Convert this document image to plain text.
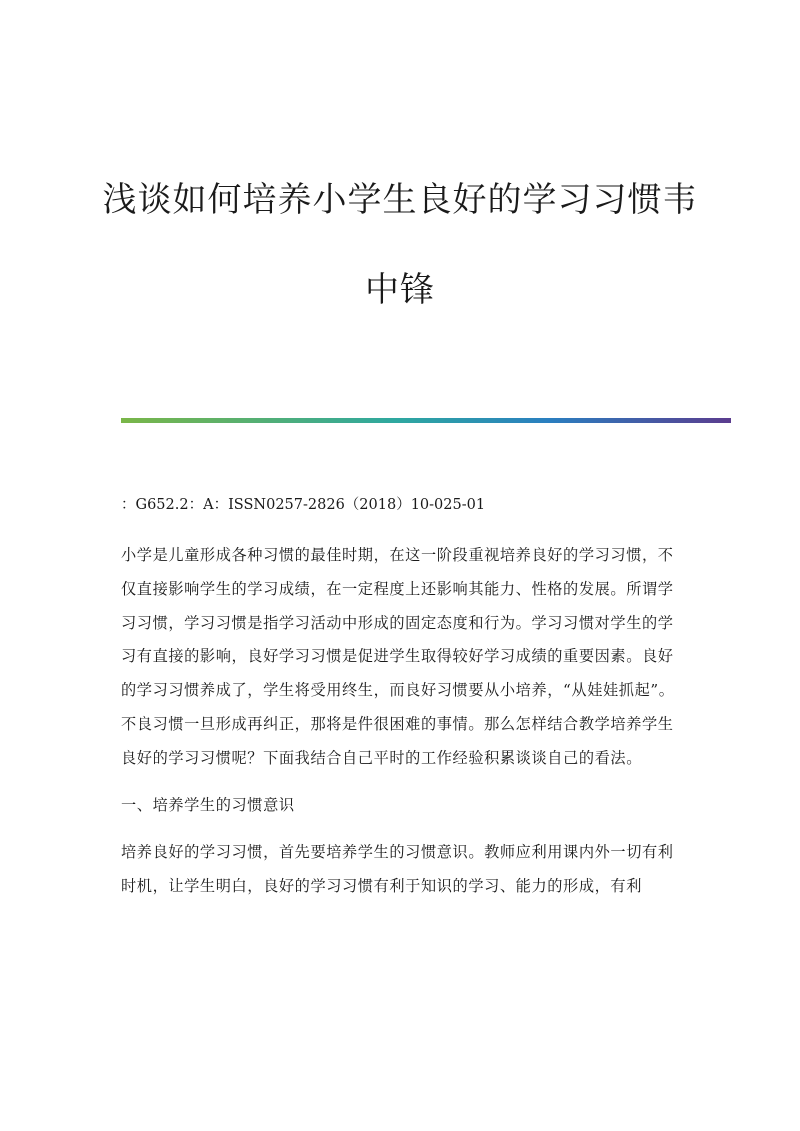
浅谈如何培养小学生良好的学习习惯韦
中锋
：G652.2：A：ISSN0257-2826（2018）10-025-01

小学是儿童形成各种习惯的最佳时期，在这一阶段重视培养良好的学习习惯，不仅直接影响学生的学习成绩，在一定程度上还影响其能力、性格的发展。所谓学习习惯，学习习惯是指学习活动中形成的固定态度和行为。学习习惯对学生的学习有直接的影响，良好学习习惯是促进学生取得较好学习成绩的重要因素。良好的学习习惯养成了，学生将受用终生，而良好习惯要从小培养，“从娃娃抓起”。不良习惯一旦形成再纠正，那将是件很困难的事情。那么怎样结合教学培养学生良好的学习习惯呢？下面我结合自己平时的工作经验积累谈谈自己的看法。

一、培养学生的习惯意识

培养良好的学习习惯，首先要培养学生的习惯意识。教师应利用课内外一切有利时机，让学生明白，良好的学习习惯有利于知识的学习、能力的形成，有利
